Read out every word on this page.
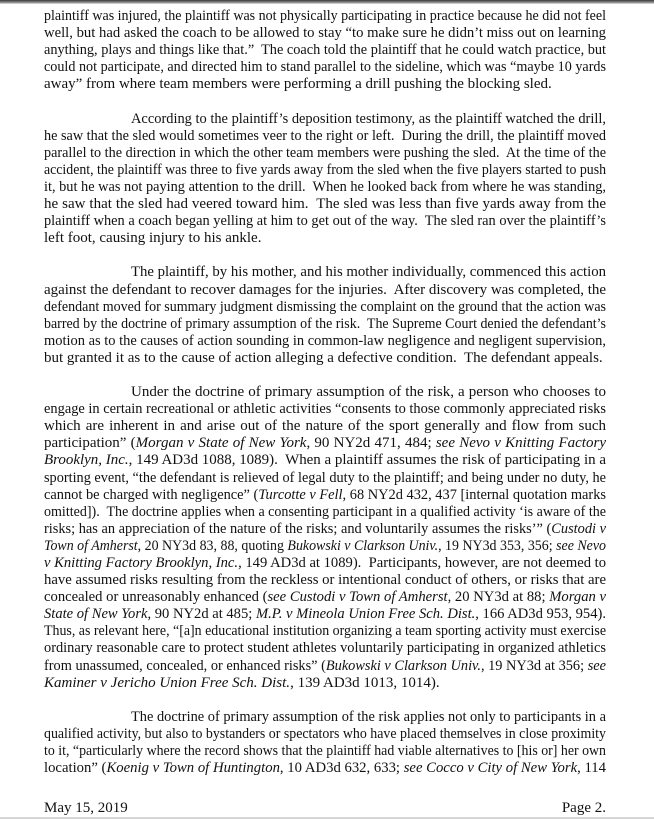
plaintiff was injured, the plaintiff was not physically participating in practice because he did not feel
well, but had asked the coach to be allowed to stay “to make sure he didn’t miss out on learning
anything, plays and things like that.”  The coach told the plaintiff that he could watch practice, but
could not participate, and directed him to stand parallel to the sideline, which was “maybe 10 yards
away” from where team members were performing a drill pushing the blocking sled.
According to the plaintiff’s deposition testimony, as the plaintiff watched the drill,
he saw that the sled would sometimes veer to the right or left.  During the drill, the plaintiff moved
parallel to the direction in which the other team members were pushing the sled.  At the time of the
accident, the plaintiff was three to five yards away from the sled when the five players started to push
it, but he was not paying attention to the drill.  When he looked back from where he was standing,
he saw that the sled had veered toward him.  The sled was less than five yards away from the
plaintiff when a coach began yelling at him to get out of the way.  The sled ran over the plaintiff’s
left foot, causing injury to his ankle.
The plaintiff, by his mother, and his mother individually, commenced this action
against the defendant to recover damages for the injuries.  After discovery was completed, the
defendant moved for summary judgment dismissing the complaint on the ground that the action was
barred by the doctrine of primary assumption of the risk.  The Supreme Court denied the defendant’s
motion as to the causes of action sounding in common-law negligence and negligent supervision,
but granted it as to the cause of action alleging a defective condition.  The defendant appeals.
Under the doctrine of primary assumption of the risk, a person who chooses to
engage in certain recreational or athletic activities “consents to those commonly appreciated risks
which are inherent in and arise out of the nature of the sport generally and flow from such
participation” (Morgan v State of New York, 90 NY2d 471, 484; see Nevo v Knitting Factory
Brooklyn, Inc., 149 AD3d 1088, 1089).  When a plaintiff assumes the risk of participating in a
sporting event, “the defendant is relieved of legal duty to the plaintiff; and being under no duty, he
cannot be charged with negligence” (Turcotte v Fell, 68 NY2d 432, 437 [internal quotation marks
omitted]).  The doctrine applies when a consenting participant in a qualified activity ‘is aware of the
risks; has an appreciation of the nature of the risks; and voluntarily assumes the risks’” (Custodi v
Town of Amherst, 20 NY3d 83, 88, quoting Bukowski v Clarkson Univ., 19 NY3d 353, 356; see Nevo
v Knitting Factory Brooklyn, Inc., 149 AD3d at 1089).  Participants, however, are not deemed to
have assumed risks resulting from the reckless or intentional conduct of others, or risks that are
concealed or unreasonably enhanced (see Custodi v Town of Amherst, 20 NY3d at 88; Morgan v
State of New York, 90 NY2d at 485; M.P. v Mineola Union Free Sch. Dist., 166 AD3d 953, 954).
Thus, as relevant here, “[a]n educational institution organizing a team sporting activity must exercise
ordinary reasonable care to protect student athletes voluntarily participating in organized athletics
from unassumed, concealed, or enhanced risks” (Bukowski v Clarkson Univ., 19 NY3d at 356; see
Kaminer v Jericho Union Free Sch. Dist., 139 AD3d 1013, 1014).
The doctrine of primary assumption of the risk applies not only to participants in a
qualified activity, but also to bystanders or spectators who have placed themselves in close proximity
to it, “particularly where the record shows that the plaintiff had viable alternatives to [his or] her own
location” (Koenig v Town of Huntington, 10 AD3d 632, 633; see Cocco v City of New York, 114
May 15, 2019	Page 2.
